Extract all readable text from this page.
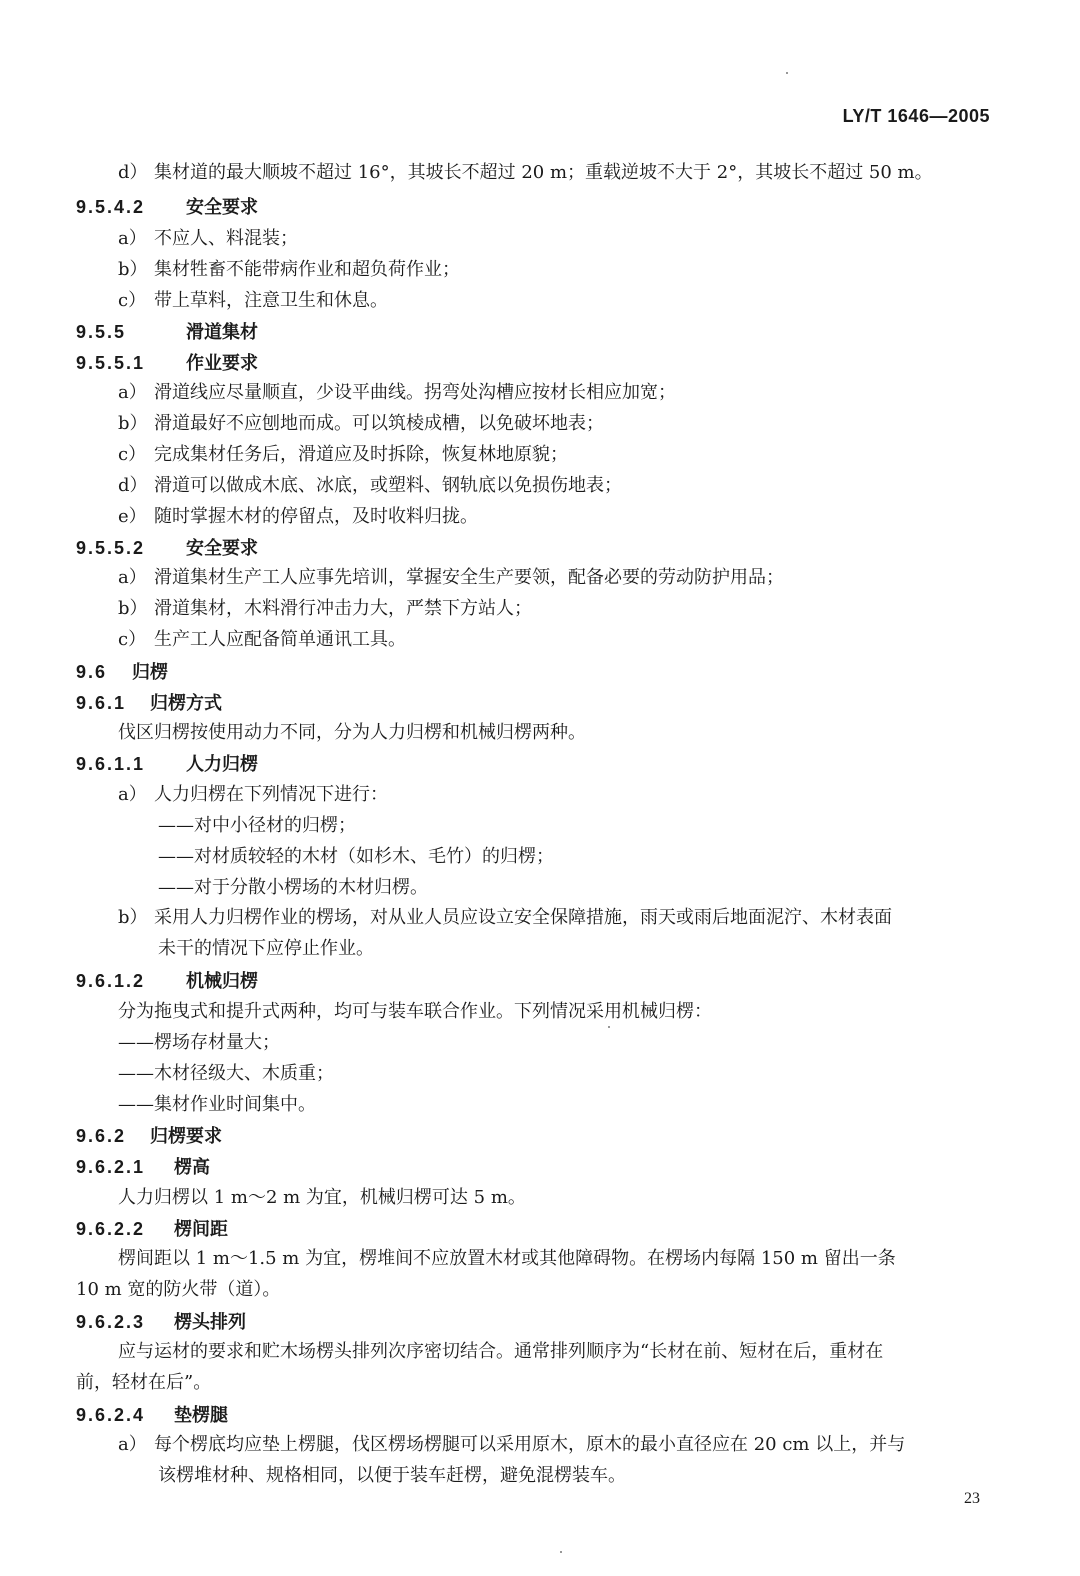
LY/T 1646—2005
d） 集材道的最大顺坡不超过 16°，其坡长不超过 20 m；重载逆坡不大于 2°，其坡长不超过 50 m。
9.5.4.2 安全要求
a） 不应人、料混装；
b） 集材牲畜不能带病作业和超负荷作业；
c） 带上草料，注意卫生和休息。
9.5.5	滑道集材
9.5.5.1 作业要求
a） 滑道线应尽量顺直，少设平曲线。拐弯处沟槽应按材长相应加宽；
b） 滑道最好不应刨地而成。可以筑棱成槽，以免破坏地表；
c） 完成集材任务后，滑道应及时拆除，恢复林地原貌；
d） 滑道可以做成木底、冰底，或塑料、钢轨底以免损伤地表；
e） 随时掌握木材的停留点，及时收料归拢。
9.5.5.2 安全要求
a） 滑道集材生产工人应事先培训，掌握安全生产要领，配备必要的劳动防护用品；
b） 滑道集材，木料滑行冲击力大，严禁下方站人；
c） 生产工人应配备简单通讯工具。
9.6 归楞
9.6.1 归楞方式
伐区归楞按使用动力不同，分为人力归楞和机械归楞两种。
9.6.1.1 人力归楞
a） 人力归楞在下列情况下进行：
——对中小径材的归楞；
——对材质较轻的木材（如杉木、毛竹）的归楞；
——对于分散小楞场的木材归楞。
b） 采用人力归楞作业的楞场，对从业人员应设立安全保障措施，雨天或雨后地面泥泞、木材表面
未干的情况下应停止作业。
9.6.1.2 机械归楞
分为拖曳式和提升式两种，均可与装车联合作业。下列情况采用机械归楞：
——楞场存材量大；
——木材径级大、木质重；
——集材作业时间集中。
9.6.2 归楞要求
9.6.2.1 楞高
人力归楞以 1 m～2 m 为宜，机械归楞可达 5 m。
9.6.2.2 楞间距
楞间距以 1 m～1.5 m 为宜，楞堆间不应放置木材或其他障碍物。在楞场内每隔 150 m 留出一条
10 m 宽的防火带（道）。
9.6.2.3 楞头排列
应与运材的要求和贮木场楞头排列次序密切结合。通常排列顺序为“长材在前、短材在后，重材在
前，轻材在后”。
9.6.2.4 垫楞腿
a） 每个楞底均应垫上楞腿，伐区楞场楞腿可以采用原木，原木的最小直径应在 20 cm 以上，并与
该楞堆材种、规格相同，以便于装车赶楞，避免混楞装车。
23
